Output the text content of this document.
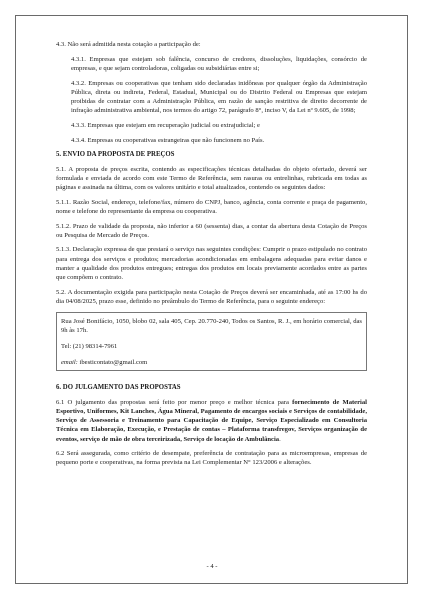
4.3. Não será admitida nesta cotação a participação de:

4.3.1. Empresas que estejam sob falência, concurso de credores, dissoluções, liquidações, consórcio de empresas, e que sejam controladoras, coligadas ou subsidiárias entre si;

4.3.2. Empresas ou cooperativas que tenham sido declaradas inidôneas por qualquer órgão da Administração Pública, direta ou indireta, Federal, Estadual, Municipal ou do Distrito Federal ou Empresas que estejam proibidas de contratar com a Administração Pública, em razão de sanção restritiva de direito decorrente de infração administrativa ambiental, nos termos do artigo 72, parágrafo 8°, inciso V, da Lei nº 9.605, de 1998;

4.3.3. Empresas que estejam em recuperação judicial ou extrajudicial; e

4.3.4. Empresas ou cooperativas estrangeiras que não funcionem no País.

5. ENVIO DA PROPOSTA DE PREÇOS

5.1. A proposta de preços escrita, contendo as especificações técnicas detalhadas do objeto ofertado, deverá ser formulada e enviada de acordo com este Termo de Referência, sem rasuras ou entrelinhas, rubricada em todas as páginas e assinada na última, com os valores unitário e total atualizados, contendo os seguintes dados:

5.1.1. Razão Social, endereço, telefone/fax, número do CNPJ, banco, agência, conta corrente e praça de pagamento, nome e telefone do representante da empresa ou cooperativa.

5.1.2. Prazo de validade da proposta, não inferior a 60 (sessenta) dias, a contar da abertura desta Cotação de Preços ou Pesquisa de Mercado de Preços.

5.1.3. Declaração expressa de que prestará o serviço nas seguintes condições: Cumprir o prazo estipulado no contrato para entrega dos serviços e produtos; mercadorias acondicionadas em embalagens adequadas para evitar danos e manter a qualidade dos produtos entregues; entregas dos produtos em locais previamente acordados entre as partes que compõem o contrato.

5.2. A documentação exigida para participação nesta Cotação de Preços deverá ser encaminhada, até as 17:00 hs do dia 04/08/2025, prazo esse, definido no preâmbulo do Termo de Referência, para o seguinte endereço:

Rua José Bonifácio, 1050, blobo 02, sala 405, Cep. 20.770-240, Todos os Santos, R. J., em horário comercial, das 9h às 17h.

Tel: (21) 98314-7961

email: ibesticontato@gmail.com

6. DO JULGAMENTO DAS PROPOSTAS

6.1 O julgamento das propostas será feito por menor preço e melhor técnica para fornecimento de Material Esportivo, Uniformes, Kit Lanches, Água Mineral, Pagamento de encargos sociais e Serviços de contabilidade, Serviço de Assessoria e Treinamento para Capacitação de Equipe, Serviço Especializado em Consultoria Técnica em Elaboração, Execução, e Prestação de contas – Plataforma transfregov, Serviços organização de eventos, serviço de mão de obra terceirizada, Serviço de locação de Ambulância.

6.2 Será assegurada, como critério de desempate, preferência de contratação para as microempresas, empresas de pequeno porte e cooperativas, na forma prevista na Lei Complementar N° 123/2006 e alterações.

- 4 -
